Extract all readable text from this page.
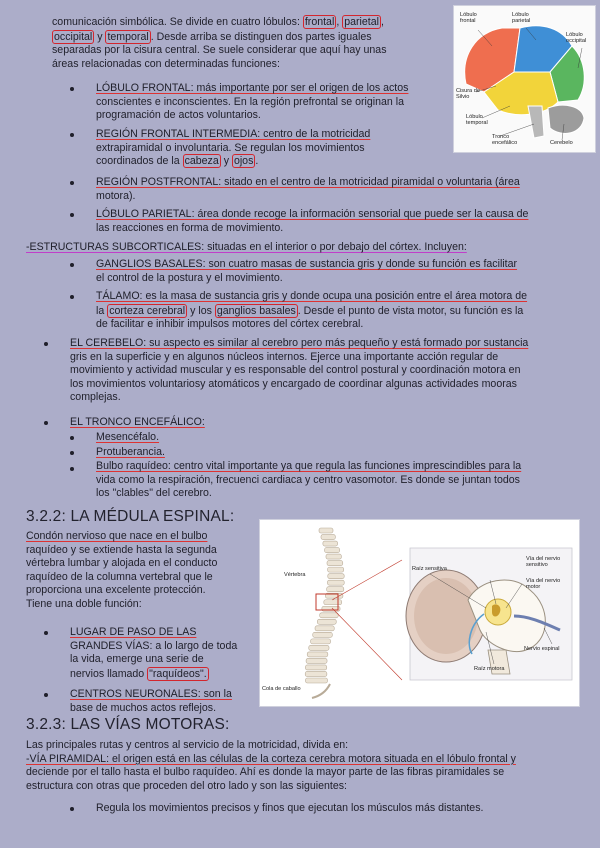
comunicación simbólica. Se divide en cuatro lóbulos: frontal , parietal ,
occipital y temporal . Desde arriba se distinguen dos partes iguales
separadas por la cisura central. Se suele considerar que aquí hay unas
áreas relacionadas con determinadas funciones:
LÓBULO FRONTAL: más importante por ser el origen de los actos
conscientes e inconscientes. En la región prefrontal se originan la
programación de actos voluntarios.
REGIÓN FRONTAL INTERMEDIA: centro de la motricidad
extrapiramidal o involuntaria. Se regulan los movimientos
coordinados de la cabeza y ojos .
REGIÓN POSTFRONTAL: sitado en el centro de la motricidad piramidal o voluntaria (área
motora).
LÓBULO PARIETAL: área donde recoge la información sensorial que puede ser la causa de
las reacciones en forma de movimiento.
-ESTRUCTURAS SUBCORTICALES: situadas en el interior o por debajo del córtex. Incluyen:
GANGLIOS BASALES: son cuatro masas de sustancia gris y donde su función es facilitar
el control de la postura y el movimiento.
TÁLAMO: es la masa de sustancia gris y donde ocupa una posición entre el área motora de
la corteza cerebral y los ganglios basales . Desde el punto de vista motor, su función es la
de facilitar e inhibir impulsos motores del córtex cerebral.
EL CEREBELO: su aspecto es similar al cerebro pero más pequeño y está formado por sustancia
gris en la superficie y en algunos núcleos internos. Ejerce una importante acción regular de
movimiento y actividad muscular y es responsable del control postural y coordinación motora en
los movimientos voluntariosy atomáticos y encargado de coordinar algunas actividades mooras
complejas.
EL TRONCO ENCEFÁLICO:
Mesencéfalo.
Protuberancia.
Bulbo raquídeo: centro vital importante ya que regula las funciones imprescindibles para la
vida como la respiración, frecuenci cardiaca y centro vasomotor. Es donde se juntan todos
los "clables" del cerebro.
3.2.2: LA MÉDULA ESPINAL:
Condón nervioso que nace en el bulbo
raquídeo y se extiende hasta la segunda
vértebra lumbar y alojada en el conducto
raquídeo de la columna vertebral que le
proporciona una excelente protección.
Tiene una doble función:
LUGAR DE PASO DE LAS
GRANDES VÍAS: a lo largo de toda
la vida, emerge una serie de
nervios llamado "raquídeos".
CENTROS NEURONALES: son la
base de muchos actos reflejos.
3.2.3: LAS VÍAS MOTORAS:
Las principales rutas y centros al servicio de la motricidad, divida en:
-VÍA PIRAMIDAL: el origen está en las células de la corteza cerebra motora situada en el lóbulo frontal y
deciende por el tallo hasta el bulbo raquídeo. Ahí es donde la mayor parte de las fibras piramidales se
estructura con otras que proceden del otro lado y son las siguientes:
Regula los movimientos precisos y finos que ejecutan los músculos más distantes.
Lóbulo frontal
Lóbulo parietal
Lóbulo occipital
Cisura de Silvio
Lóbulo temporal
Tronco encefálico	Cerebelo
Vértebra
Cola de caballo
Raíz sensitiva
Vía del nervio sensitivo
Vía del nervio motor
Nervio espinal
Raíz motora
